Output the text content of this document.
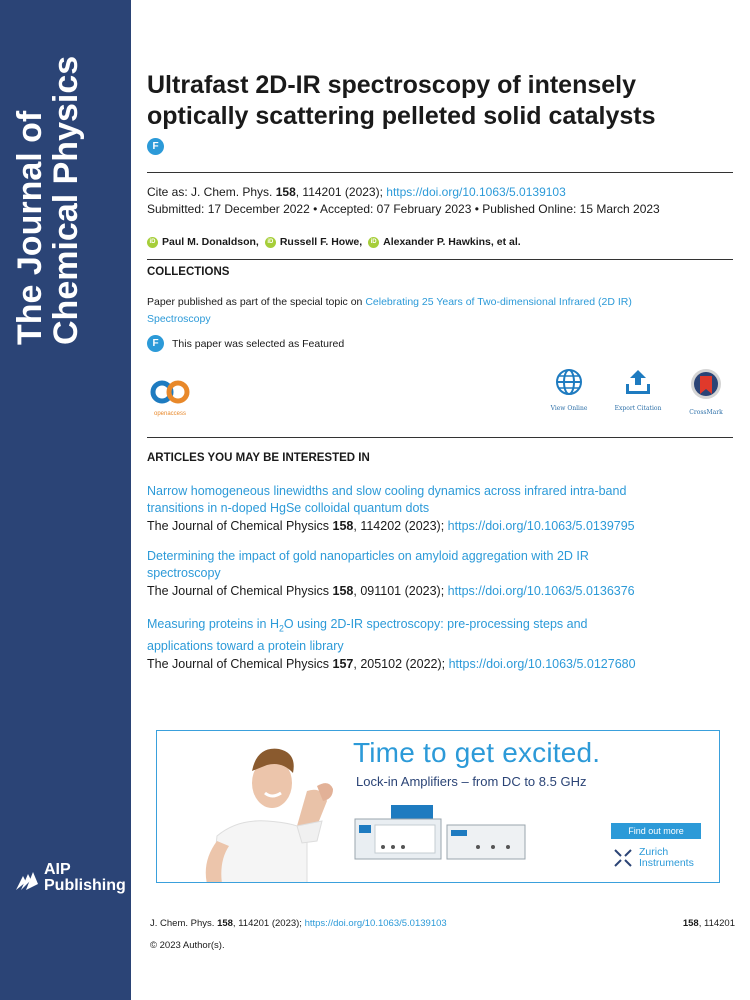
The Journal of
Chemical Physics
AIP
Publishing
Ultrafast 2D-IR spectroscopy of intensely
optically scattering pelleted solid catalysts
F
Cite as: J. Chem. Phys. 158, 114201 (2023); https://doi.org/10.1063/5.0139103
Submitted: 17 December 2022 • Accepted: 07 February 2023 • Published Online: 15 March 2023
iD Paul M. Donaldson,	iD Russell F. Howe,	iD Alexander P. Hawkins, et al.
COLLECTIONS
Paper published as part of the special topic on Celebrating 25 Years of Two-dimensional Infrared (2D IR)
Spectroscopy
F	This paper was selected as Featured
openaccess
View Online	Export Citation
CrossMark
ARTICLES YOU MAY BE INTERESTED IN
Narrow homogeneous linewidths and slow cooling dynamics across infrared intra-band
transitions in n-doped HgSe colloidal quantum dots
The Journal of Chemical Physics 158, 114202 (2023); https://doi.org/10.1063/5.0139795
Determining the impact of gold nanoparticles on amyloid aggregation with 2D IR
spectroscopy
The Journal of Chemical Physics 158, 091101 (2023); https://doi.org/10.1063/5.0136376
Measuring proteins in $H_2O$ using 2D-IR spectroscopy: pre-processing steps and
applications toward a protein library
The Journal of Chemical Physics 157, 205102 (2022); https://doi.org/10.1063/5.0127680
Time to get excited.
Lock-in Amplifiers – from DC to 8.5 GHz
Find out more
Zurich
Instruments
J. Chem. Phys. 158, 114201 (2023); https://doi.org/10.1063/5.0139103	158, 114201
© 2023 Author(s).
